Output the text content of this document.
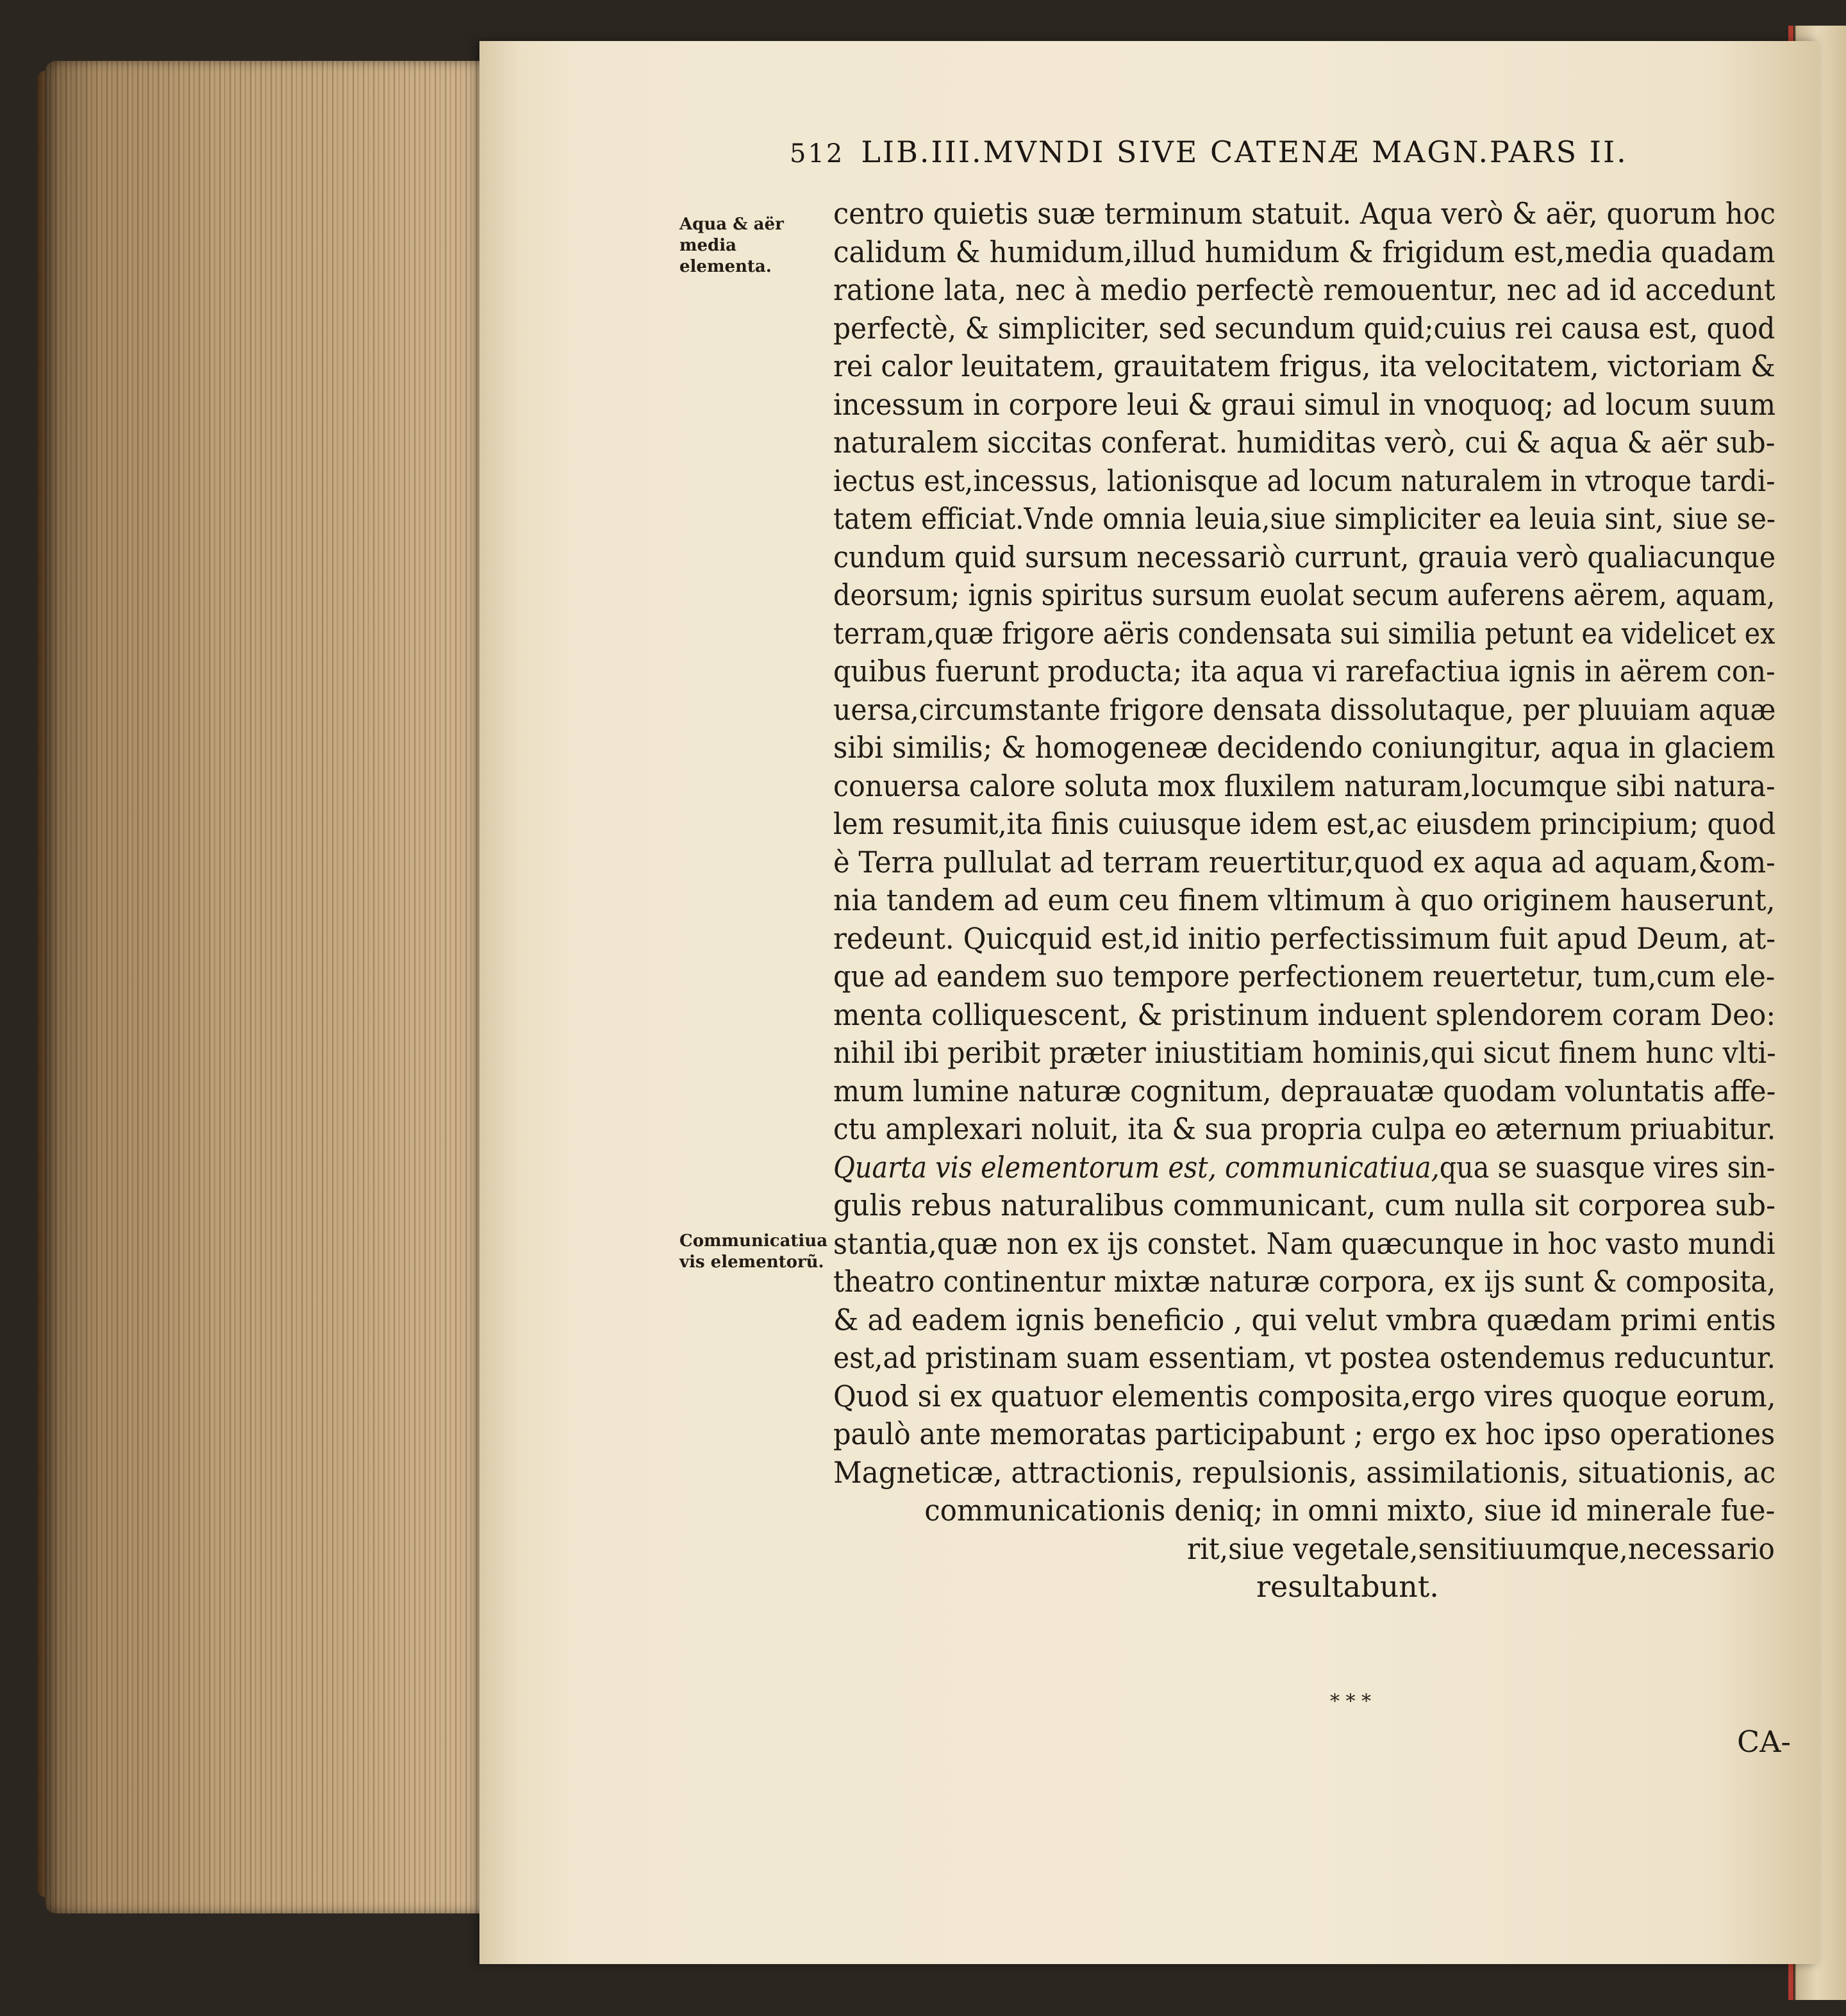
512 LIB.III.MVNDI SIVE CATENÆ MAGN.PARS II.
Aqua & aër media elementa.
Communicatiua vis elementorũ.
centro quietis suæ terminum statuit. Aqua verò & aër, quorum hoc
calidum & humidum,illud humidum & frigidum est,media quadam
ratione lata, nec à medio perfectè remouentur, nec ad id accedunt
perfectè, & simpliciter, sed secundum quid;cuius rei causa est, quod
rei calor leuitatem, grauitatem frigus, ita velocitatem, victoriam &
incessum in corpore leui & graui simul in vnoquoq; ad locum suum
naturalem siccitas conferat. humiditas verò, cui & aqua & aër sub-
iectus est,incessus, lationisque ad locum naturalem in vtroque tardi-
tatem efficiat.Vnde omnia leuia,siue simpliciter ea leuia sint, siue se-
cundum quid sursum necessariò currunt, grauia verò qualiacunque
deorsum; ignis spiritus sursum euolat secum auferens aërem, aquam,
terram,quæ frigore aëris condensata sui similia petunt ea videlicet ex
quibus fuerunt producta; ita aqua vi rarefactiua ignis in aërem con-
uersa,circumstante frigore densata dissolutaque, per pluuiam aquæ
sibi similis; & homogeneæ decidendo coniungitur, aqua in glaciem
conuersa calore soluta mox fluxilem naturam,locumque sibi natura-
lem resumit,ita finis cuiusque idem est,ac eiusdem principium; quod
è Terra pullulat ad terram reuertitur,quod ex aqua ad aquam,&om-
nia tandem ad eum ceu finem vltimum à quo originem hauserunt,
redeunt. Quicquid est,id initio perfectissimum fuit apud Deum, at-
que ad eandem suo tempore perfectionem reuertetur, tum,cum ele-
menta colliquescent, & pristinum induent splendorem coram Deo:
nihil ibi peribit præter iniustitiam hominis,qui sicut finem hunc vlti-
mum lumine naturæ cognitum, deprauatæ quodam voluntatis affe-
ctu amplexari noluit, ita & sua propria culpa eo æternum priuabitur.
Quarta vis elementorum est, communicatiua,qua se suasque vires sin-
gulis rebus naturalibus communicant, cum nulla sit corporea sub-
stantia,quæ non ex ijs constet. Nam quæcunque in hoc vasto mundi
theatro continentur mixtæ naturæ corpora, ex ijs sunt & composita,
& ad eadem ignis beneficio , qui velut vmbra quædam primi entis
est,ad pristinam suam essentiam, vt postea ostendemus reducuntur.
Quod si ex quatuor elementis composita,ergo vires quoque eorum,
paulò ante memoratas participabunt ; ergo ex hoc ipso operationes
Magneticæ, attractionis, repulsionis, assimilationis, situationis, ac
communicationis deniq; in omni mixto, siue id minerale fue-
rit,siue vegetale,sensitiuumque,necessario
resultabunt.
* * *
CA-
